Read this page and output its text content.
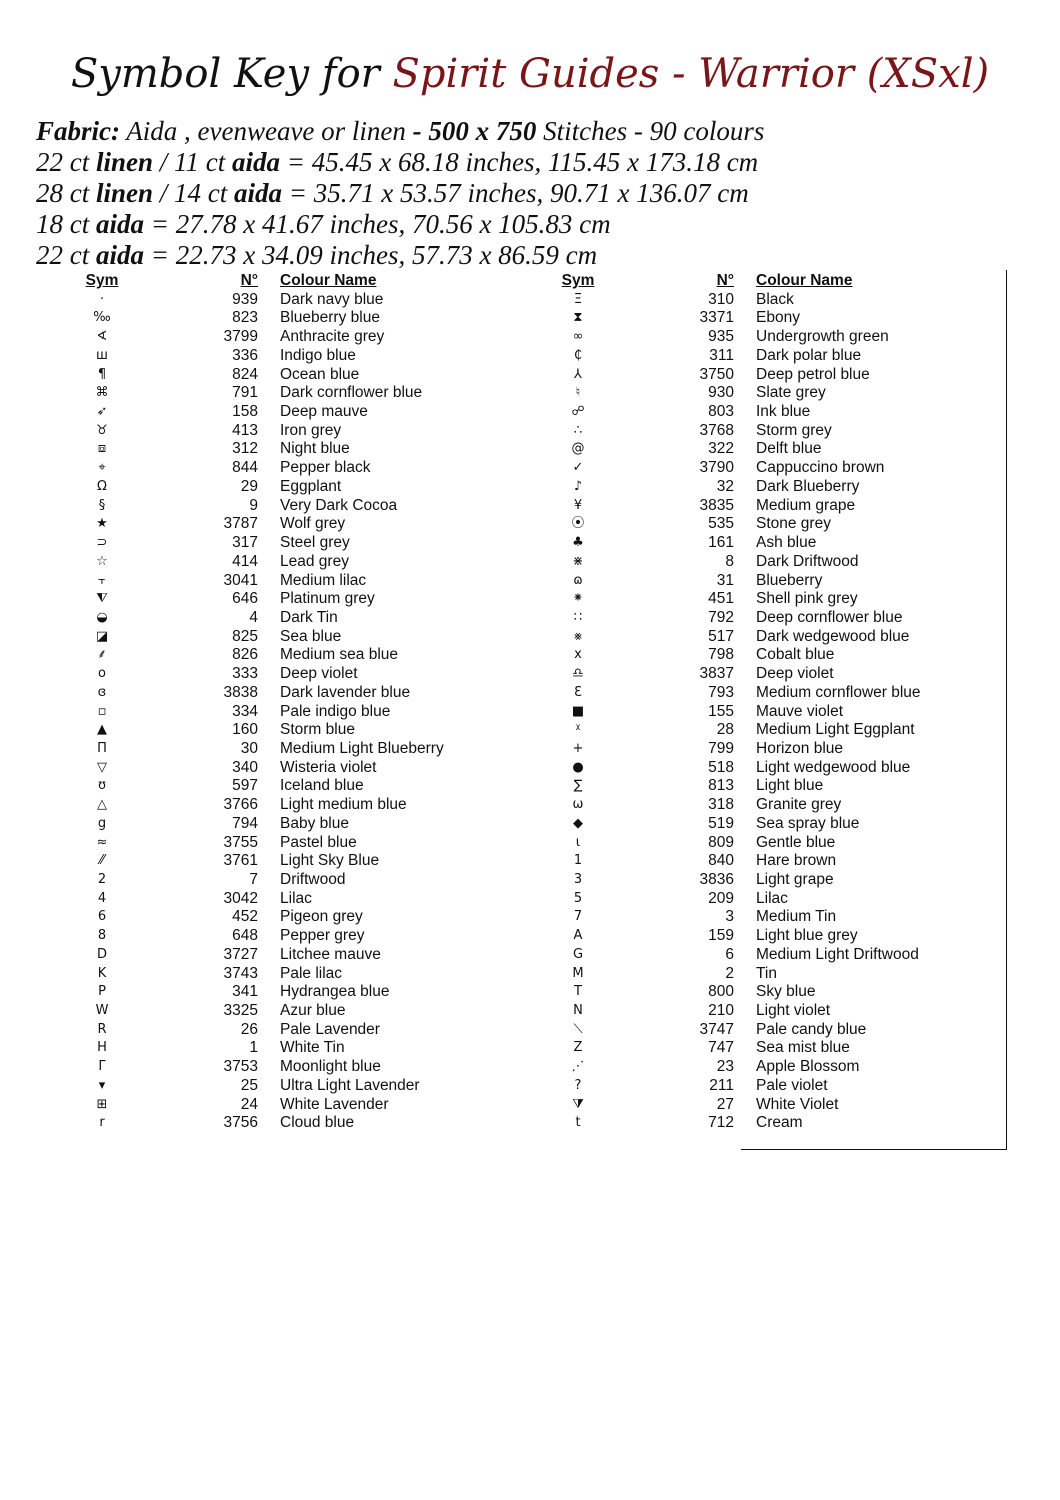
Symbol Key for Spirit Guides - Warrior (XSxl)
Fabric: Aida , evenweave or linen - 500 x 750 Stitches - 90 colours
22 ct linen / 11 ct aida = 45.45 x 68.18 inches, 115.45 x 173.18 cm
28 ct linen / 14 ct aida = 35.71 x 53.57 inches, 90.71 x 136.07 cm
18 ct aida = 27.78 x 41.67 inches, 70.56 x 105.83 cm
22 ct aida = 22.73 x 34.09 inches, 57.73 x 86.59 cm
Sym	N° Colour Name
·	939 Dark navy blue
‰	823 Blueberry blue
∢	3799 Anthracite grey
ш	336 Indigo blue
¶	824 Ocean blue
⌘	791 Dark cornflower blue
➶	158 Deep mauve
♉	413 Iron grey
⧈	312 Night blue
⌖	844 Pepper black
Ω	29 Eggplant
§	9 Very Dark Cocoa
★	3787 Wolf grey
⊃	317 Steel grey
☆	414 Lead grey
⫟	3041 Medium lilac
⧨	646 Platinum grey
◒	4 Dark Tin
◪	825 Sea blue
⸙	826 Medium sea blue
o	333 Deep violet
ɞ	3838 Dark lavender blue
▫	334 Pale indigo blue
▲	160 Storm blue
Π	30 Medium Light Blueberry
▽	340 Wisteria violet
ʊ	597 Iceland blue
△	3766 Light medium blue
g	794 Baby blue
≈	3755 Pastel blue
⁄⁄	3761 Light Sky Blue
2	7 Driftwood
4	3042 Lilac
6	452 Pigeon grey
8	648 Pepper grey
D	3727 Litchee mauve
K	3743 Pale lilac
P	341 Hydrangea blue
W	3325 Azur blue
R	26 Pale Lavender
H	1 White Tin
Γ	3753 Moonlight blue
▾	25 Ultra Light Lavender
⊞	24 White Lavender
r	3756 Cloud blue
Sym	N° Colour Name
Ξ	310 Black
⧗	3371 Ebony
∞	935 Undergrowth green
₵	311 Dark polar blue
⅄	3750 Deep petrol blue
♮	930 Slate grey
☍	803 Ink blue
∴	3768 Storm grey
@	322 Delft blue
✓	3790 Cappuccino brown
♪	32 Dark Blueberry
¥	3835 Medium grape
⦿	535 Stone grey
♣	161 Ash blue
⋇	8 Dark Driftwood
ɷ	31 Blueberry
⁕	451 Shell pink grey
∷	792 Deep cornflower blue
⨳	517 Dark wedgewood blue
x	798 Cobalt blue
♎	3837 Deep violet
Ɛ	793 Medium cornflower blue
■	155 Mauve violet
ᵡ	28 Medium Light Eggplant
+	799 Horizon blue
●	518 Light wedgewood blue
∑	813 Light blue
ω	318 Granite grey
◆	519 Sea spray blue
ɩ	809 Gentle blue
1	840 Hare brown
3	3836 Light grape
5	209 Lilac
7	3 Medium Tin
A	159 Light blue grey
G	6 Medium Light Driftwood
M	2 Tin
T	800 Sky blue
N	210 Light violet
⟍	3747 Pale candy blue
Z	747 Sea mist blue
⋰	23 Apple Blossom
?	211 Pale violet
⧩	27 White Violet
t	712 Cream
